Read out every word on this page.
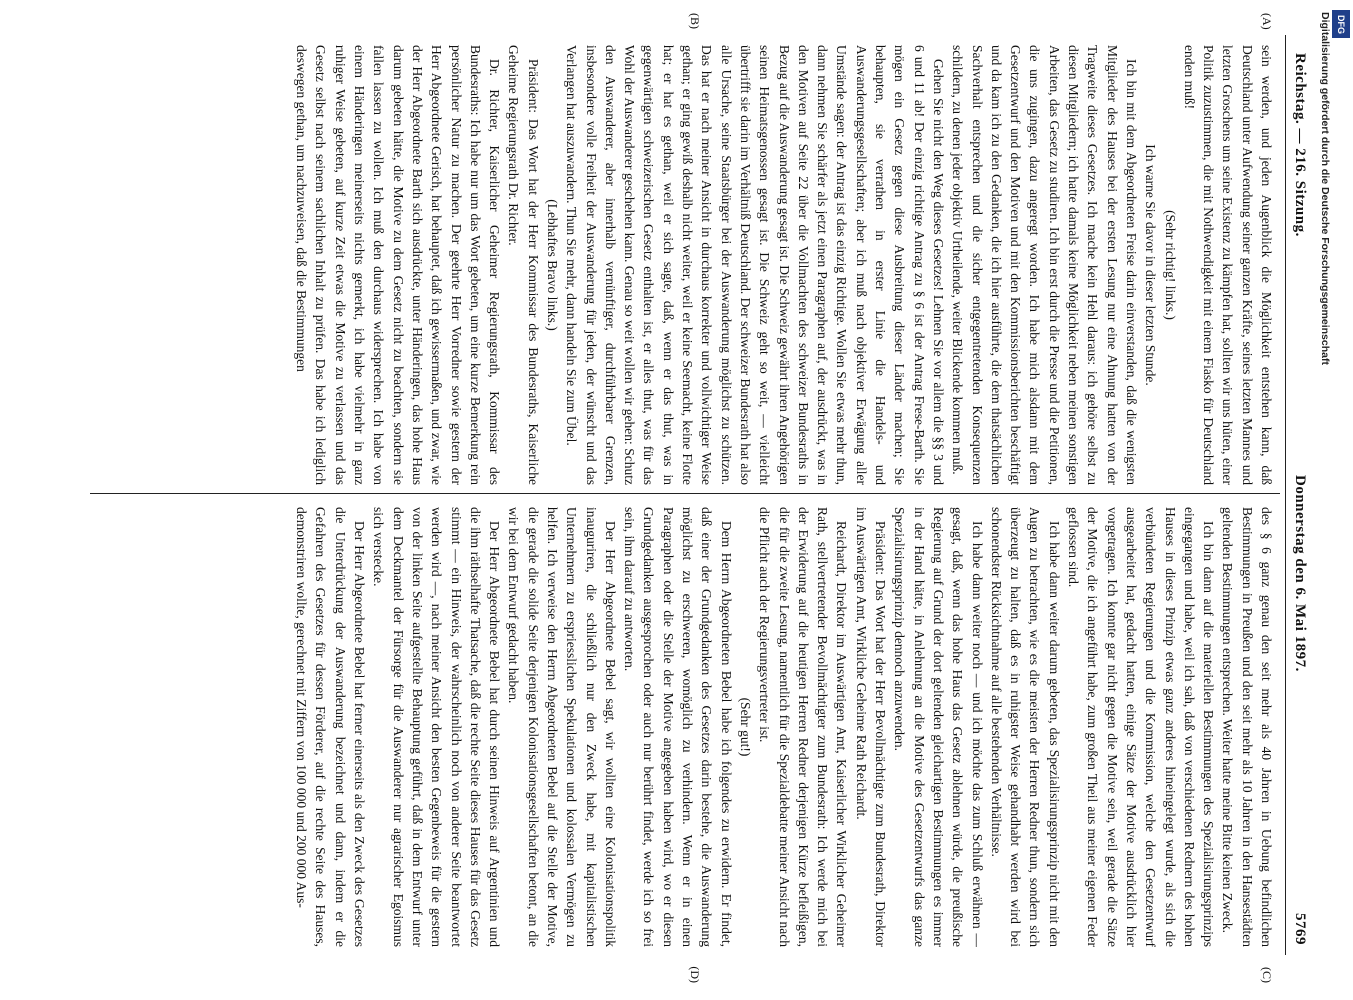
Reichstag. — 216. Sitzung.
Donnerstag den 6. Mai 1897.
5769

sein werden, und jeden Augenblick die Möglichkeit entstehen kann, daß Deutschland unter Aufwendung seiner ganzen Kräfte, seines letzten Mannes und letzten Groschens um seine Existenz zu kämpfen hat, sollten wir uns hüten, einer Politik zuzustimmen, die mit Nothwendigkeit mit einem Fiasko für Deutschland enden muß!

(Sehr richtig! links.)

Ich warne Sie davor in dieser letzten Stunde.

Ich bin mit dem Abgeordneten Freise darin einverstanden, daß die wenigsten Mitglieder des Hauses bei der ersten Lesung nur eine Ahnung hatten von der Tragweite dieses Gesetzes. Ich mache kein Hehl daraus: ich gehöre selbst zu diesen Mitgliedern; ich hatte damals keine Möglichkeit neben meinen sonstigen Arbeiten, das Gesetz zu studiren. Ich bin erst durch die Presse und die Petitionen, die uns zugingen, dazu angeregt worden. Ich habe mich alsdann mit dem Gesetzentwurf und den Motiven und mit den Kommissionsberichten beschäftigt und da kam ich zu den Gedanken, die ich hier ausführte, die dem thatsächlichen Sachverhalt entsprechen und die sicher entgegentretenden Konsequenzen schildern, zu denen jeder objektiv Urtheilende, weiter Blickende kommen muß.

Gehen Sie nicht den Weg dieses Gesetzes! Lehnen Sie vor allem die §§ 3 und 6 und 11 ab! Der einzig richtige Antrag zu § 6 ist der Antrag Frese-Barth. Sie mögen ein Gesetz gegen diese Ausbreitung dieser Länder machen; Sie behaupten, sie verrathen in erster Linie die Handels- und Auswanderungsgesellschaften; aber ich muß nach objektiver Erwägung aller Umstände sagen: der Antrag ist das einzig Richtige. Wollen Sie etwas mehr thun, dann nehmen Sie schärfer als jetzt einen Paragraphen auf, der ausdrückt, was in den Motiven auf Seite 22 über die Vollmachten des schweizer Bundesraths in Bezug auf die Auswanderung gesagt ist. Die Schweiz gewährt ihren Angehörigen seinen Heimatsgenossen gesagt ist. Die Schweiz geht so weit, — vielleicht übertrifft sie darin im Verhältniß Deutschland. Der schweizer Bundesrath hat also alle Ursache, seine Staatsbürger bei der Auswanderung möglichst zu schützen. Das hat er nach meiner Ansicht in durchaus korrekter und vollwichtiger Weise gethan; er ging gewiß deshalb nicht weiter, weil er keine Seemacht, keine Flotte hat; er hat es gethan, weil er sich sagte, daß, wenn er das thut, was in gegenwärtigen schweizerischen Gesetz enthalten ist, er alles thut, was für das Wohl der Auswanderer geschehen kann. Genau so weit wollen wir gehen: Schutz den Auswanderer, aber innerhalb vernünftiger, durchführbarer Grenzen, insbesondere volle Freiheit der Auswanderung für jeden, der wünscht und das Verlangen hat auszuwandern. Thun Sie mehr, dann handeln Sie zum Übel.

(Lebhaftes Bravo links.)

Präsident: Das Wort hat der Herr Kommissar des Bundesraths, Kaiserliche Geheime Regierungsrath Dr. Richter.

Dr. Richter, Kaiserlicher Geheimer Regierungsrath, Kommissar des Bundesraths: Ich habe nur um das Wort gebeten, um eine kurze Bemerkung rein persönlicher Natur zu machen. Der geehrte Herr Vorredner sowie gestern der Herr Abgeordnete Gerisch, hat behauptet, daß ich gewissermaßen, und zwar, wie der Herr Abgeordnete Barth sich ausdrückte, unter Händeringen, das hohe Haus darum gebeten hätte, die Motive zu dem Gesetz nicht zu beachten, sondern sie fallen lassen zu wollen. Ich muß den durchaus widersprechen. Ich habe von einem Händeringen meinerseits nichts gemerkt, ich habe vielmehr in ganz ruhiger Weise gebeten, auf kurze Zeit etwas die Motive zu verlassen und das Gesetz selbst nach seinem sachlichen Inhalt zu prüfen. Das habe ich lediglich deswegen gethan, um nachzuweisen, daß die Bestimmungen

des § 6 ganz genau den seit mehr als 40 Jahren in Uebung befindlichen Bestimmungen in Preußen und den seit mehr als 10 Jahren in den Hansestädten geltenden Bestimmungen entsprechen. Weiter hatte meine Bitte keinen Zweck.

Ich bin dann auf die materiellen Bestimmungen des Spezialisirungsprinzips eingegangen und habe, weil ich sah, daß von verschiedenen Rednern des hohen Hauses in dieses Prinzip etwas ganz anderes hineingelegt wurde, als sich die verbündeten Regierungen und die Kommission, welche den Gesetzentwurf ausgearbeitet hat, gedacht hatten, einige Sätze der Motive ausdrücklich hier vorgetragen. Ich konnte gar nicht gegen die Motive sein, weil gerade die Sätze der Motive, die ich angeführt habe, zum großen Theil aus meiner eigenen Feder geflossen sind.

Ich habe dann weiter darum gebeten, das Spezialisirungsprinzip nicht mit den Augen zu betrachten, wie es die meisten der Herren Redner thun, sondern sich überzeugt zu halten, daß es in ruhigster Weise gehandhabt werden wird bei schonendster Rücksichtnahme auf alle bestehenden Verhältnisse.

Ich habe dann weiter noch — und ich möchte das zum Schluß erwähnen — gesagt, daß, wenn das hohe Haus das Gesetz ablehnen würde, die preußische Regierung auf Grund der dort geltenden gleichartigen Bestimmungen es immer in der Hand hätte, in Anlehnung an die Motive des Gesetzentwurfs das ganze Spezialisirungsprinzip dennoch anzuwenden.

Präsident: Das Wort hat der Herr Bevollmächtigte zum Bundesrath, Direktor im Auswärtigen Amt, Wirkliche Geheime Rath Reichardt.

Reichardt, Direktor im Auswärtigen Amt, Kaiserlicher Wirklicher Geheimer Rath, stellvertretender Bevollmächtigter zum Bundesrath: Ich werde mich bei der Erwiderung auf die heutigen Herren Redner derjenigen Kürze befleißigen, die für die zweite Lesung, namentlich für die Spezialdebatte meiner Ansicht nach die Pflicht auch der Regierungsvertreter ist.

(Sehr gut!)

Dem Herrn Abgeordneten Bebel habe ich folgendes zu erwidern. Er findet, daß einer der Grundgedanken des Gesetzes darin bestehe, die Auswanderung möglichst zu erschweren, womöglich zu verhindern. Wenn er in einen Paragraphen oder die Stelle der Motive angegeben haben wird, wo er diesen Grundgedanken ausgesprochen oder auch nur berührt findet, werde ich so frei sein, ihm darauf zu antworten.

Der Herr Abgeordnete Bebel sagt, wir wollten eine Kolonisationspolitik inauguriren, die schließlich nur den Zweck habe, mit kapitalistischen Unternehmern zu erspriesslichen Spekulationen und kolossalen Vermögen zu helfen. Ich verweise den Herrn Abgeordneten Bebel auf die Stelle der Motive, die gerade die solide Seite derjenigen Kolonisationsgesellschaften betont, an die wir bei dem Entwurf gedacht haben.

Der Herr Abgeordnete Bebel hat durch seinen Hinweis auf Argentinien und die ihm räthselhafte Thatsache, daß die rechte Seite dieses Hauses für das Gesetz stimmt — ein Hinweis, der wahrscheinlich noch von anderer Seite beantwortet werden wird —, nach meiner Ansicht den besten Gegenbeweis für die gestern von der linken Seite aufgestellte Behauptung geführt, daß in dem Entwurf unter dem Deckmantel der Fürsorge für die Auswanderer nur agrarischer Egoismus sich verstecke.

Der Herr Abgeordnete Bebel hat ferner einerseits als den Zweck des Gesetzes die Unterdrückung der Auswanderung bezeichnet und dann, indem er die Gefahren des Gesetzes für dessen Förderer, auf die rechte Seite des Hauses, demonstriren wollte, gerechnet mit Ziffern von 100 000 und 200 000 Aus-

(A)
(B)
(C)
(D)
Digitalisierung gefördert durch die Deutsche Forschungsgemeinschaft DFG
